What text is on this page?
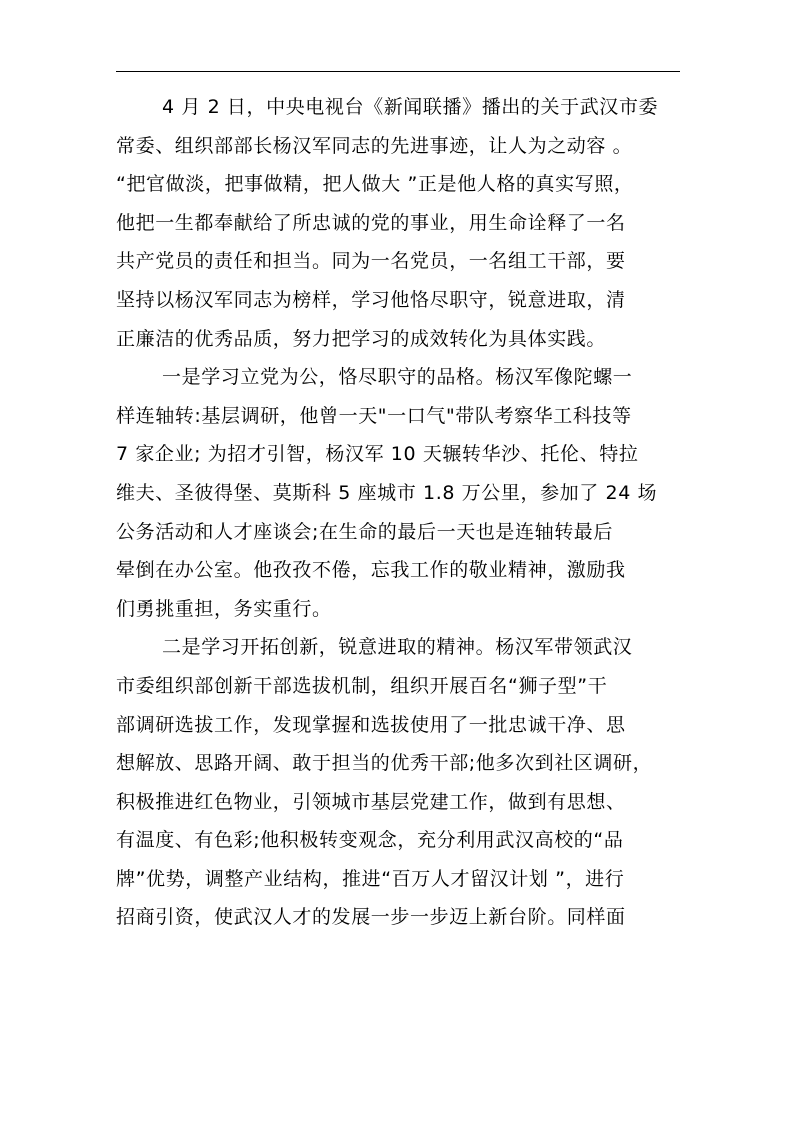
4 月 2 日，中央电视台《新闻联播》播出的关于武汉市委
常委、组织部部长杨汉军同志的先进事迹，让人为之动容 。
“把官做淡，把事做精，把人做大 ”正是他人格的真实写照，
他把一生都奉献给了所忠诚的党的事业，用生命诠释了一名
共产党员的责任和担当。同为一名党员，一名组工干部，要
坚持以杨汉军同志为榜样，学习他恪尽职守，锐意进取，清
正廉洁的优秀品质，努力把学习的成效转化为具体实践。
一是学习立党为公，恪尽职守的品格。杨汉军像陀螺一
样连轴转:基层调研，他曾一天"一口气"带队考察华工科技等
7 家企业; 为招才引智，杨汉军 10 天辗转华沙、托伦、特拉
维夫、圣彼得堡、莫斯科 5 座城市 1.8 万公里，参加了 24 场
公务活动和人才座谈会;在生命的最后一天也是连轴转最后
晕倒在办公室。他孜孜不倦，忘我工作的敬业精神，激励我
们勇挑重担，务实重行。
二是学习开拓创新，锐意进取的精神。杨汉军带领武汉
市委组织部创新干部选拔机制，组织开展百名“狮子型”干
部调研选拔工作，发现掌握和选拔使用了一批忠诚干净、思
想解放、思路开阔、敢于担当的优秀干部;他多次到社区调研，
积极推进红色物业，引领城市基层党建工作，做到有思想、
有温度、有色彩;他积极转变观念，充分利用武汉高校的“品
牌”优势，调整产业结构，推进“百万人才留汉计划 ”，进行
招商引资，使武汉人才的发展一步一步迈上新台阶。同样面
